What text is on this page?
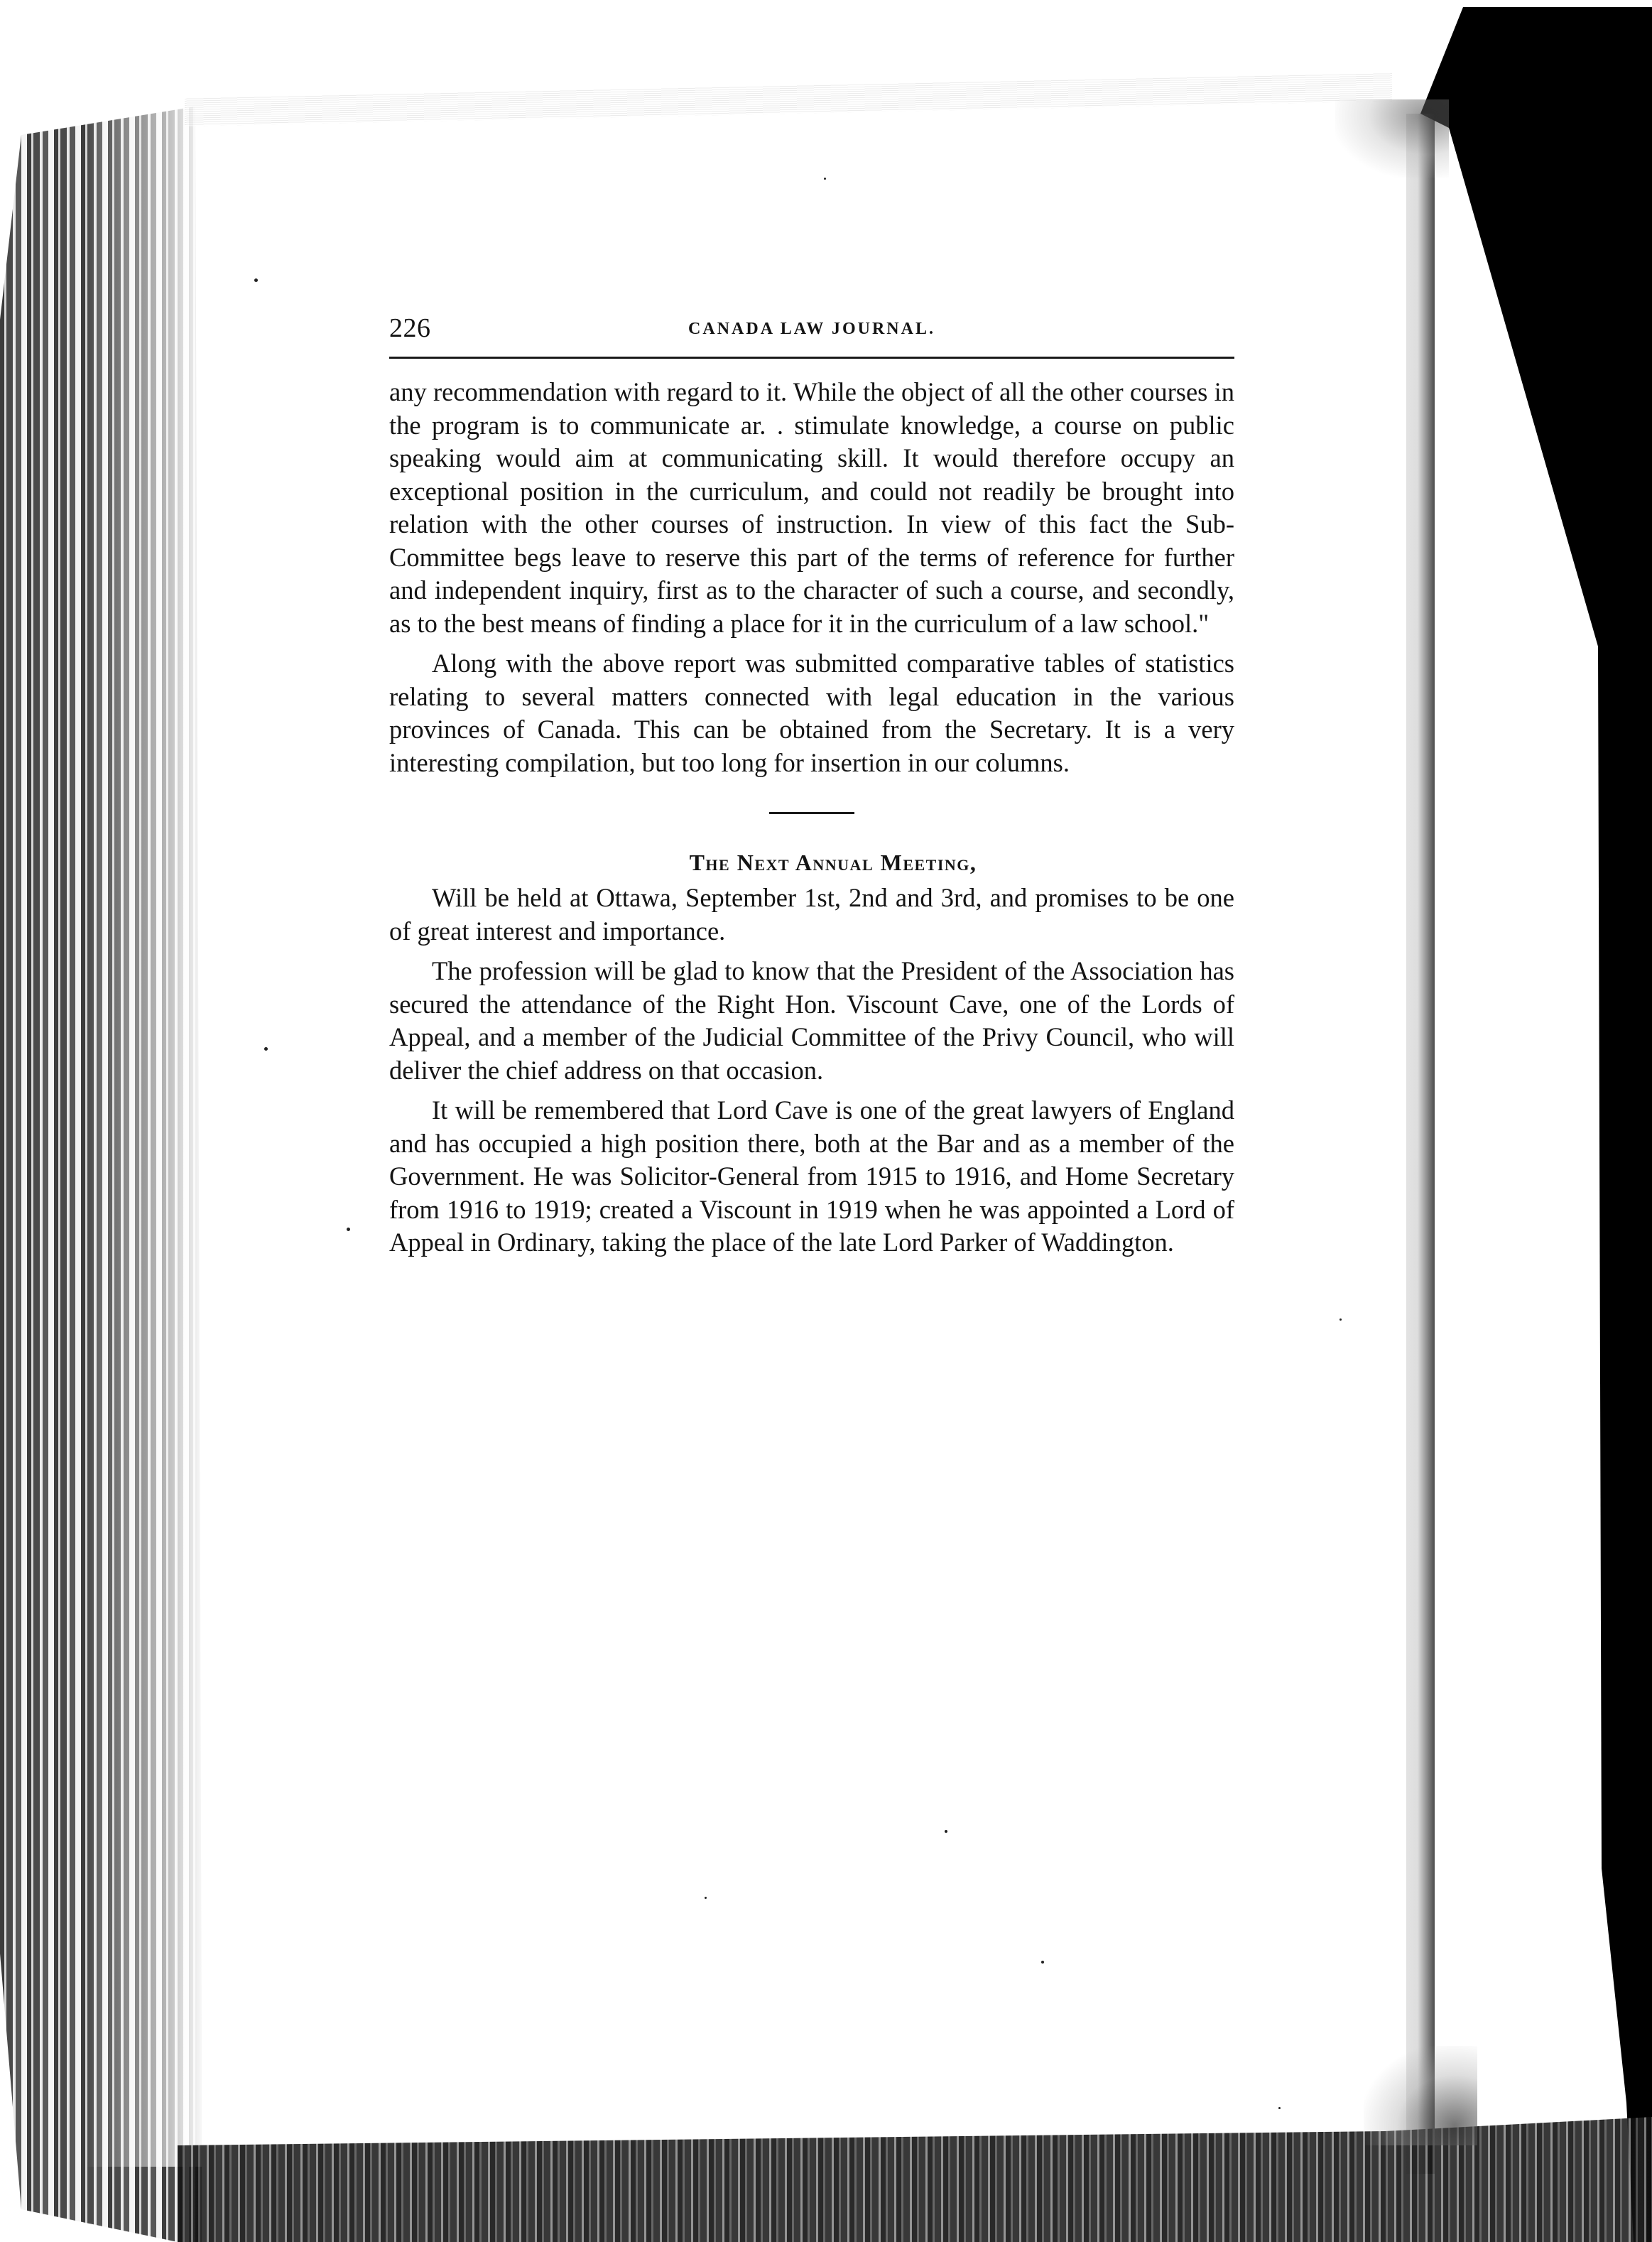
226	CANADA LAW JOURNAL.

any recommendation with regard to it. While the object of all the other courses in the program is to communicate ar. . stimulate knowledge, a course on public speaking would aim at communicating skill. It would therefore occupy an exceptional position in the curriculum, and could not readily be brought into relation with the other courses of instruction. In view of this fact the Sub-Committee begs leave to reserve this part of the terms of reference for further and independent inquiry, first as to the character of such a course, and secondly, as to the best means of finding a place for it in the curriculum of a law school."

Along with the above report was submitted comparative tables of statistics relating to several matters connected with legal education in the various provinces of Canada. This can be obtained from the Secretary. It is a very interesting compilation, but too long for insertion in our columns.

The Next Annual Meeting,

Will be held at Ottawa, September 1st, 2nd and 3rd, and promises to be one of great interest and importance.

The profession will be glad to know that the President of the Association has secured the attendance of the Right Hon. Viscount Cave, one of the Lords of Appeal, and a member of the Judicial Committee of the Privy Council, who will deliver the chief address on that occasion.

It will be remembered that Lord Cave is one of the great lawyers of England and has occupied a high position there, both at the Bar and as a member of the Government. He was Solicitor-General from 1915 to 1916, and Home Secretary from 1916 to 1919; created a Viscount in 1919 when he was appointed a Lord of Appeal in Ordinary, taking the place of the late Lord Parker of Waddington.
